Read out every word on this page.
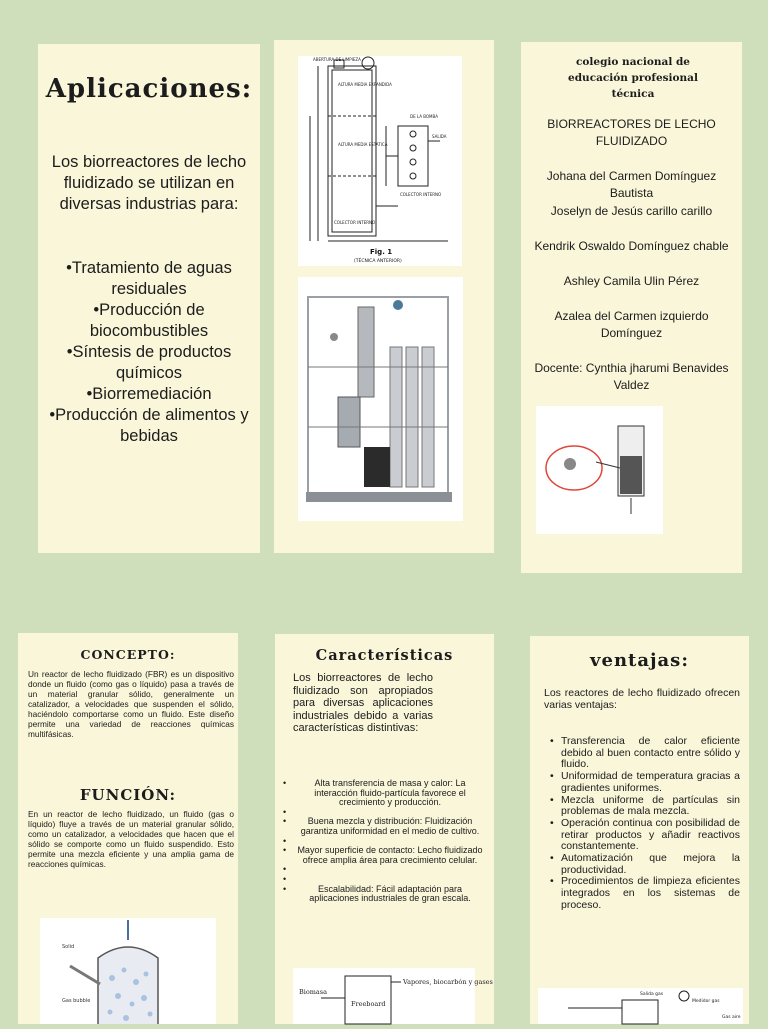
Aplicaciones:
Los biorreactores de lecho fluidizado se utilizan en diversas industrias para:
•Tratamiento de aguas residuales
•Producción de biocombustibles
•Síntesis de productos químicos
•Biorremediación
•Producción de alimentos y bebidas
ABERTURA DE LIMPIEZA
ALTURA MEDIA EXPANDIDA
ALTURA MEDIA ESTATICA
COLECTOR INTERNO
COLECTOR INTERNO
DE LA BOMBA
SALIDA
Fig. 1
(TÉCNICA ANTERIOR)
colegio nacional de educación profesional técnica
BIORREACTORES DE LECHO FLUIDIZADO
Johana del Carmen Domínguez Bautista
Joselyn de Jesús carillo carillo
Kendrik Oswaldo Domínguez chable
Ashley Camila Ulin Pérez
Azalea del Carmen izquierdo Domínguez
Docente: Cynthia jharumi Benavides Valdez
CONCEPTO:
Un reactor de lecho fluidizado (FBR) es un dispositivo donde un fluido (como gas o líquido) pasa a través de un material granular sólido, generalmente un catalizador, a velocidades que suspenden el sólido, haciéndolo comportarse como un fluido. Este diseño permite una variedad de reacciones químicas multifásicas.
FUNCIÓN:
En un reactor de lecho fluidizado, un fluido (gas o líquido) fluye a través de un material granular sólido, como un catalizador, a velocidades que hacen que el sólido se comporte como un fluido suspendido. Esto permite una mezcla eficiente y una amplia gama de reacciones químicas.
Solid
Gas bubble
Características
Los biorreactores de lecho fluidizado son apropiados para diversas aplicaciones industriales debido a varias características distintivas:
•	Alta transferencia de masa y calor: La interacción fluido-partícula favorece el crecimiento y producción.
•
• Buena mezcla y distribución: Fluidización garantiza uniformidad en el medio de cultivo.
•
• Mayor superficie de contacto: Lecho fluidizado ofrece amplia área para crecimiento celular.
•
•
•	Escalabilidad: Fácil adaptación para aplicaciones industriales de gran escala.
Biomasa
Freeboard
Vapores, biocarbón y gases
ventajas:
Los reactores de lecho fluidizado ofrecen varias ventajas:
• Transferencia de calor eficiente debido al buen contacto entre sólido y fluido.
• Uniformidad de temperatura gracias a gradientes uniformes.
• Mezcla uniforme de partículas sin problemas de mala mezcla.
• Operación continua con posibilidad de retirar productos y añadir reactivos constantemente.
• Automatización que mejora la productividad.
• Procedimientos de limpieza eficientes integrados en los sistemas de proceso.
Salida gas
Medidor gas
Gas aire
